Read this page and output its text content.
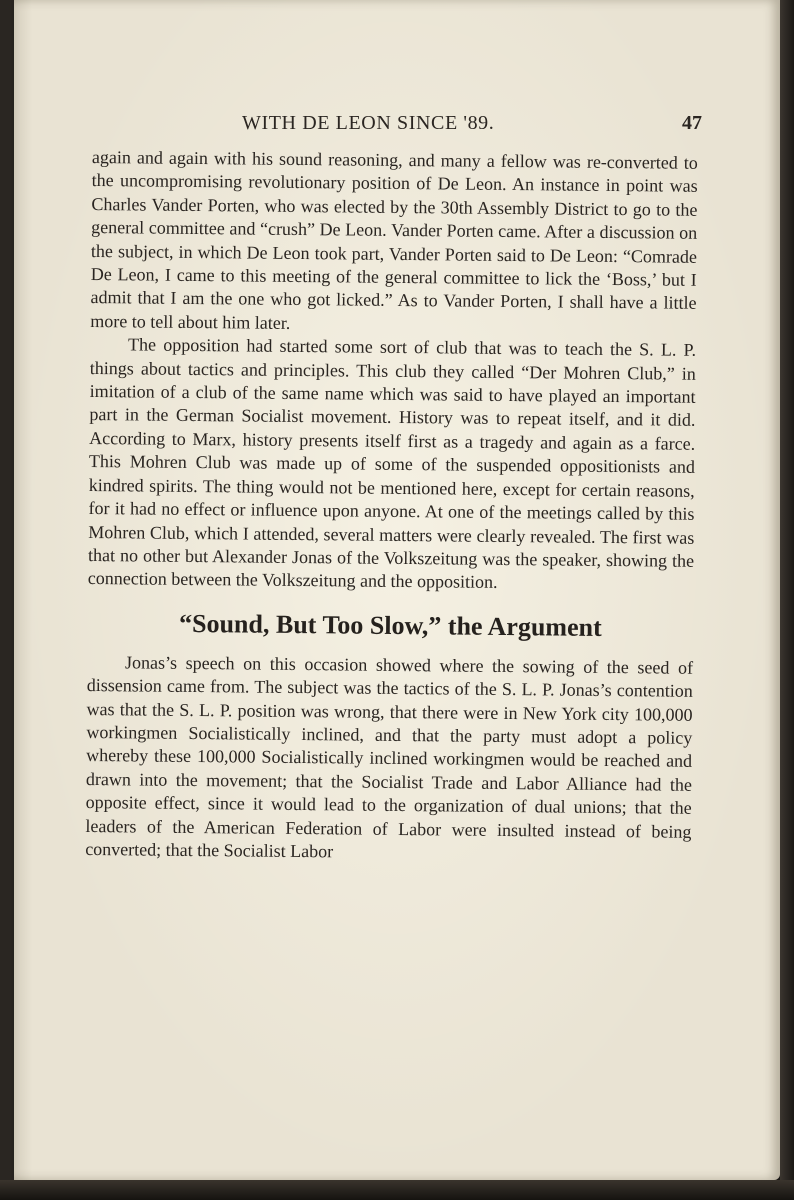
WITH DE LEON SINCE '89.	47

again and again with his sound reasoning, and many a fellow was re-converted to the uncompromising revolutionary position of De Leon. An instance in point was Charles Vander Porten, who was elected by the 30th Assembly District to go to the general committee and “crush” De Leon. Vander Porten came. After a discussion on the subject, in which De Leon took part, Vander Porten said to De Leon: “Comrade De Leon, I came to this meeting of the general committee to lick the ‘Boss,’ but I admit that I am the one who got licked.” As to Vander Porten, I shall have a little more to tell about him later.

The opposition had started some sort of club that was to teach the S. L. P. things about tactics and principles. This club they called “Der Mohren Club,” in imitation of a club of the same name which was said to have played an important part in the German Socialist movement. History was to repeat itself, and it did. According to Marx, history presents itself first as a tragedy and again as a farce. This Mohren Club was made up of some of the suspended oppositionists and kindred spirits. The thing would not be mentioned here, except for certain reasons, for it had no effect or influence upon anyone. At one of the meetings called by this Mohren Club, which I attended, several matters were clearly revealed. The first was that no other but Alexander Jonas of the Volkszeitung was the speaker, showing the connection between the Volkszeitung and the opposition.

“Sound, But Too Slow,” the Argument

Jonas’s speech on this occasion showed where the sowing of the seed of dissension came from. The subject was the tactics of the S. L. P. Jonas’s contention was that the S. L. P. position was wrong, that there were in New York city 100,000 workingmen Socialistically inclined, and that the party must adopt a policy whereby these 100,000 Socialistically inclined workingmen would be reached and drawn into the movement; that the Socialist Trade and Labor Alliance had the opposite effect, since it would lead to the organization of dual unions; that the leaders of the American Federation of Labor were insulted instead of being converted; that the Socialist Labor
